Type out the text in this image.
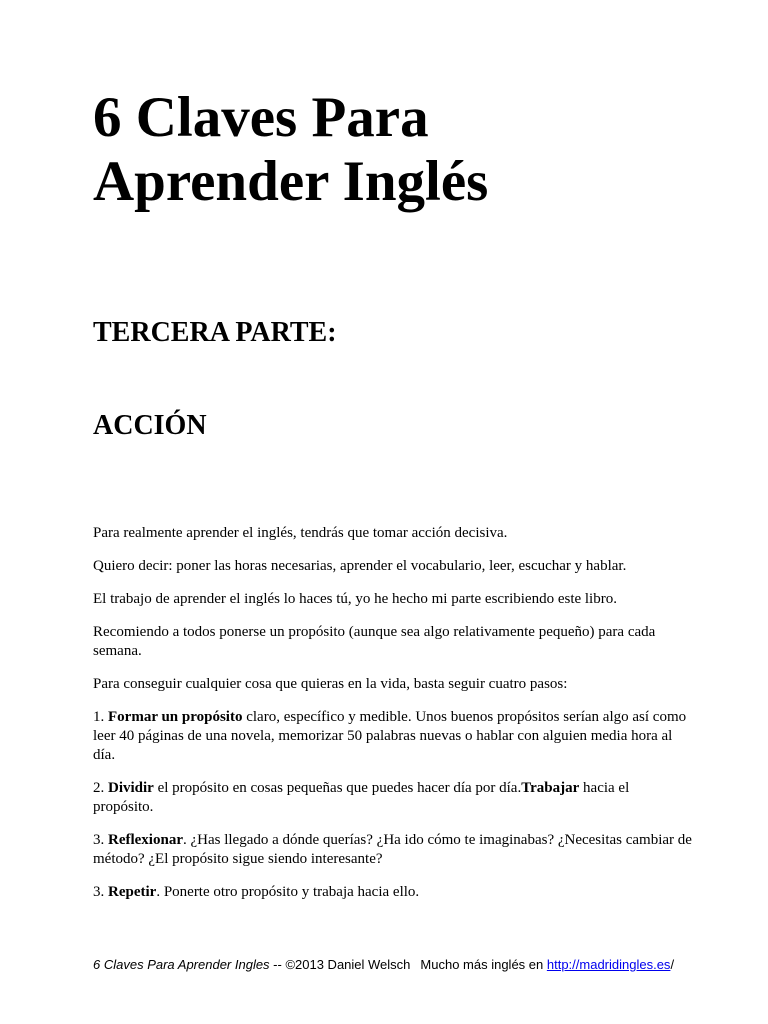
6 Claves Para
Aprender Inglés
TERCERA PARTE:
ACCIÓN

Para realmente aprender el inglés, tendrás que tomar acción decisiva.

Quiero decir: poner las horas necesarias, aprender el vocabulario, leer, escuchar y hablar.

El trabajo de aprender el inglés lo haces tú, yo he hecho mi parte escribiendo este libro.

Recomiendo a todos ponerse un propósito (aunque sea algo relativamente pequeño) para cada semana.

Para conseguir cualquier cosa que quieras en la vida, basta seguir cuatro pasos:

1. Formar un propósito claro, específico y medible. Unos buenos propósitos serían algo así como leer 40 páginas de una novela, memorizar 50 palabras nuevas o hablar con alguien media hora al día.

2. Dividir el propósito en cosas pequeñas que puedes hacer día por día.Trabajar hacia el propósito.

3. Reflexionar. ¿Has llegado a dónde querías? ¿Ha ido cómo te imaginabas? ¿Necesitas cambiar de método? ¿El propósito sigue siendo interesante?

3. Repetir. Ponerte otro propósito y trabaja hacia ello.

6 Claves Para Aprender Ingles -- ©2013 Daniel Welsch Mucho más inglés en http://madridingles.es/
